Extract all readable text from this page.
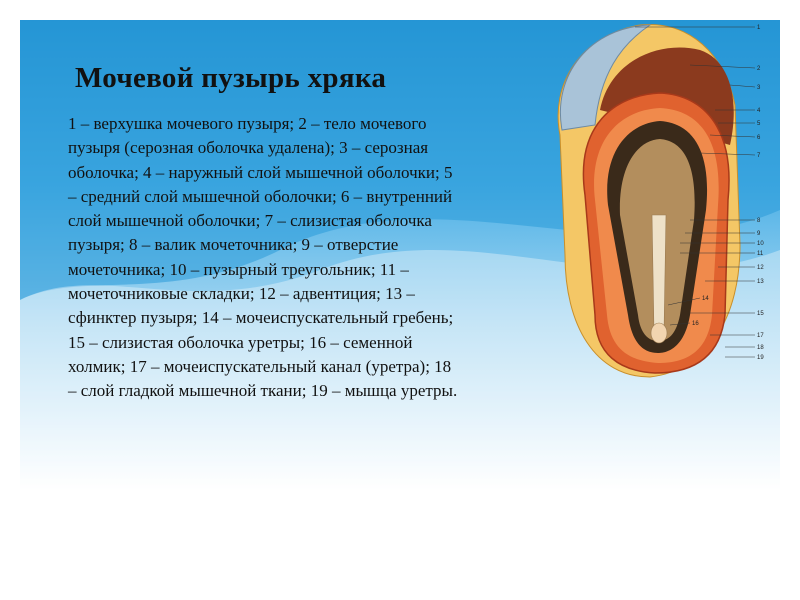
Мочевой пузырь хряка
1 – верхушка мочевого пузыря; 2 – тело мочевого пузыря (серозная оболочка удалена); 3 – серозная оболочка; 4 – наружный слой мышечной оболочки; 5 – средний слой мышечной оболочки; 6 – внутренний слой мышечной оболочки; 7 – слизистая оболочка пузыря; 8 – валик мочеточника; 9 – отверстие мочеточника; 10 – пузырный треугольник; 11 – мочеточниковые складки; 12 – адвентиция; 13 – сфинктер пузыря; 14 – мочеиспускательный гребень; 15 – слизистая оболочка уретры; 16 – семенной холмик; 17 – мочеиспускательный канал (уретра); 18 – слой гладкой мышечной ткани; 19 – мышца уретры.
1
2
3
4
5
6
7
8
9
10
11
12
13
14
15
16
17
18
19
